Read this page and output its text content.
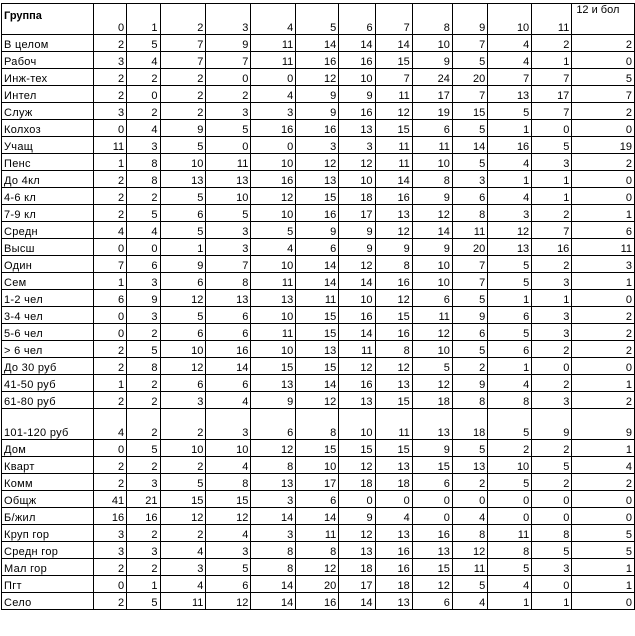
Группа	0	1	2	3	4	5	6	7	8	9	10	11	12 и бол
В целом	2	5	7	9	11	14	14	14	10	7	4	2	2
Рабоч	3	4	7	7	11	16	16	15	9	5	4	1	0
Инж-тех	2	2	2	0	0	12	10	7	24	20	7	7	5
Интел	2	0	2	2	4	9	9	11	17	7	13	17	7
Служ	3	2	2	3	3	9	16	12	19	15	5	7	2
Колхоз	0	4	9	5	16	16	13	15	6	5	1	0	0
Учащ	11	3	5	0	0	3	3	11	11	14	16	5	19
Пенс	1	8	10	11	10	12	12	11	10	5	4	3	2
До 4кл	2	8	13	13	16	13	10	14	8	3	1	1	0
4-6 кл	2	2	5	10	12	15	18	16	9	6	4	1	0
7-9 кл	2	5	6	5	10	16	17	13	12	8	3	2	1
Средн	4	4	5	3	5	9	9	12	14	11	12	7	6
Высш	0	0	1	3	4	6	9	9	9	20	13	16	11
Один	7	6	9	7	10	14	12	8	10	7	5	2	3
Сем	1	3	6	8	11	14	14	16	10	7	5	3	1
1-2 чел	6	9	12	13	13	11	10	12	6	5	1	1	0
3-4 чел	0	3	5	6	10	15	16	15	11	9	6	3	2
5-6 чел	0	2	6	6	11	15	14	16	12	6	5	3	2
> 6 чел	2	5	10	16	10	13	11	8	10	5	6	2	2
До 30 руб	2	8	12	14	15	15	12	12	5	2	1	0	0
41-50 руб	1	2	6	6	13	14	16	13	12	9	4	2	1
61-80 руб	2	2	3	4	9	12	13	15	18	8	8	3	2
101-120 руб	4	2	2	3	6	8	10	11	13	18	5	9	9
Дом	0	5	10	10	12	15	15	15	9	5	2	2	1
Кварт	2	2	2	4	8	10	12	13	15	13	10	5	4
Комм	2	3	5	8	13	17	18	18	6	2	5	2	2
Общж	41	21	15	15	3	6	0	0	0	0	0	0	0
Б/жил	16	16	12	12	14	14	9	4	0	4	0	0	0
Круп гор	3	2	2	4	3	11	12	13	16	8	11	8	5
Средн гор	3	3	4	3	8	8	13	16	13	12	8	5	5
Мал гор	2	2	3	5	8	12	18	16	15	11	5	3	1
Пгт	0	1	4	6	14	20	17	18	12	5	4	0	1
Село	2	5	11	12	14	16	14	13	6	4	1	1	0
